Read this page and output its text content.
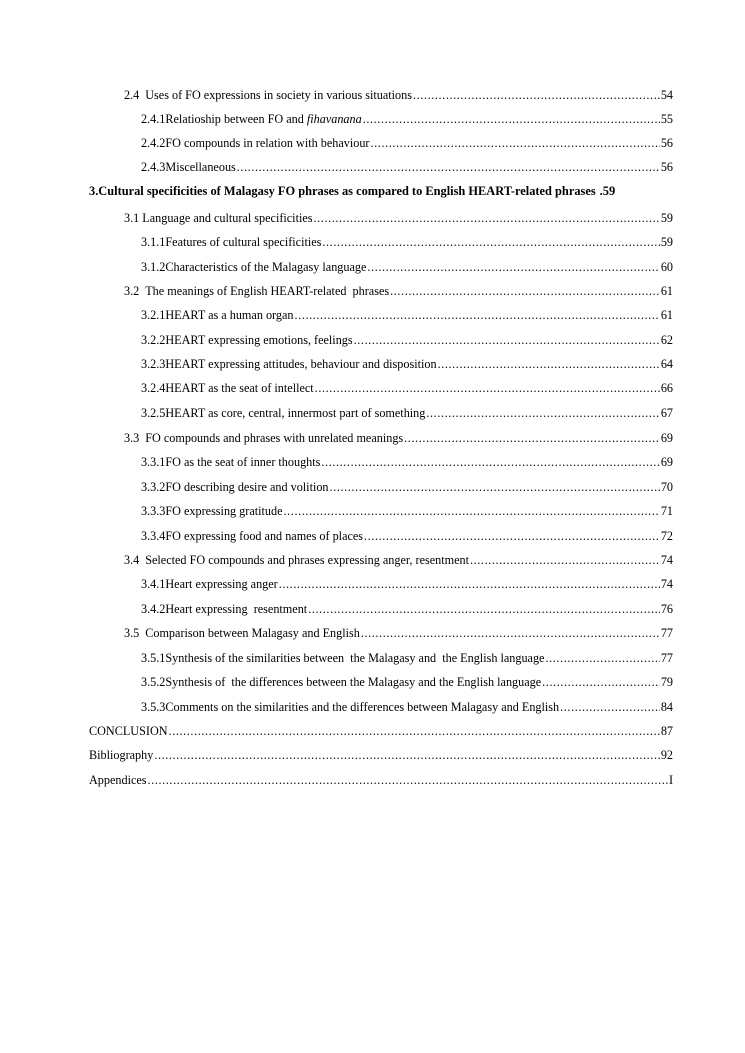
2.4 Uses of FO expressions in society in various situations .....	54
2.4.1 Relatioship between FO and fihavanana .....	55
2.4.2 FO compounds in relation with behaviour .....	56
2.4.3 Miscellaneous .....	56
3.Cultural specificities of Malagasy FO phrases as compared to English HEART-related phrases .59
3.1 Language and cultural specificities .....	59
3.1.1 Features of cultural specificities .....	59
3.1.2 Characteristics of the Malagasy language .....	60
3.2 The meanings of English HEART-related  phrases .....	61
3.2.1 HEART as a human organ .....	61
3.2.2 HEART expressing emotions, feelings .....	62
3.2.3 HEART expressing attitudes, behaviour and disposition .....	64
3.2.4 HEART as the seat of intellect .....	66
3.2.5 HEART as core, central, innermost part of something .....	67
3.3 FO compounds and phrases with unrelated meanings .....	69
3.3.1 FO as the seat of inner thoughts .....	69
3.3.2 FO describing desire and volition .....	70
3.3.3 FO expressing gratitude .....	71
3.3.4 FO expressing food and names of places .....	72
3.4 Selected FO compounds and phrases expressing anger, resentment .....	74
3.4.1 Heart expressing anger .....	74
3.4.2 Heart expressing  resentment .....	76
3.5 Comparison between Malagasy and English .....	77
3.5.1 Synthesis of the similarities between  the Malagasy and  the English language .....	77
3.5.2 Synthesis of  the differences between the Malagasy and the English language .....	79
3.5.3 Comments on the similarities and the differences between Malagasy and English .....	84
CONCLUSION .....	87
Bibliography .....	92
Appendices .....	I
